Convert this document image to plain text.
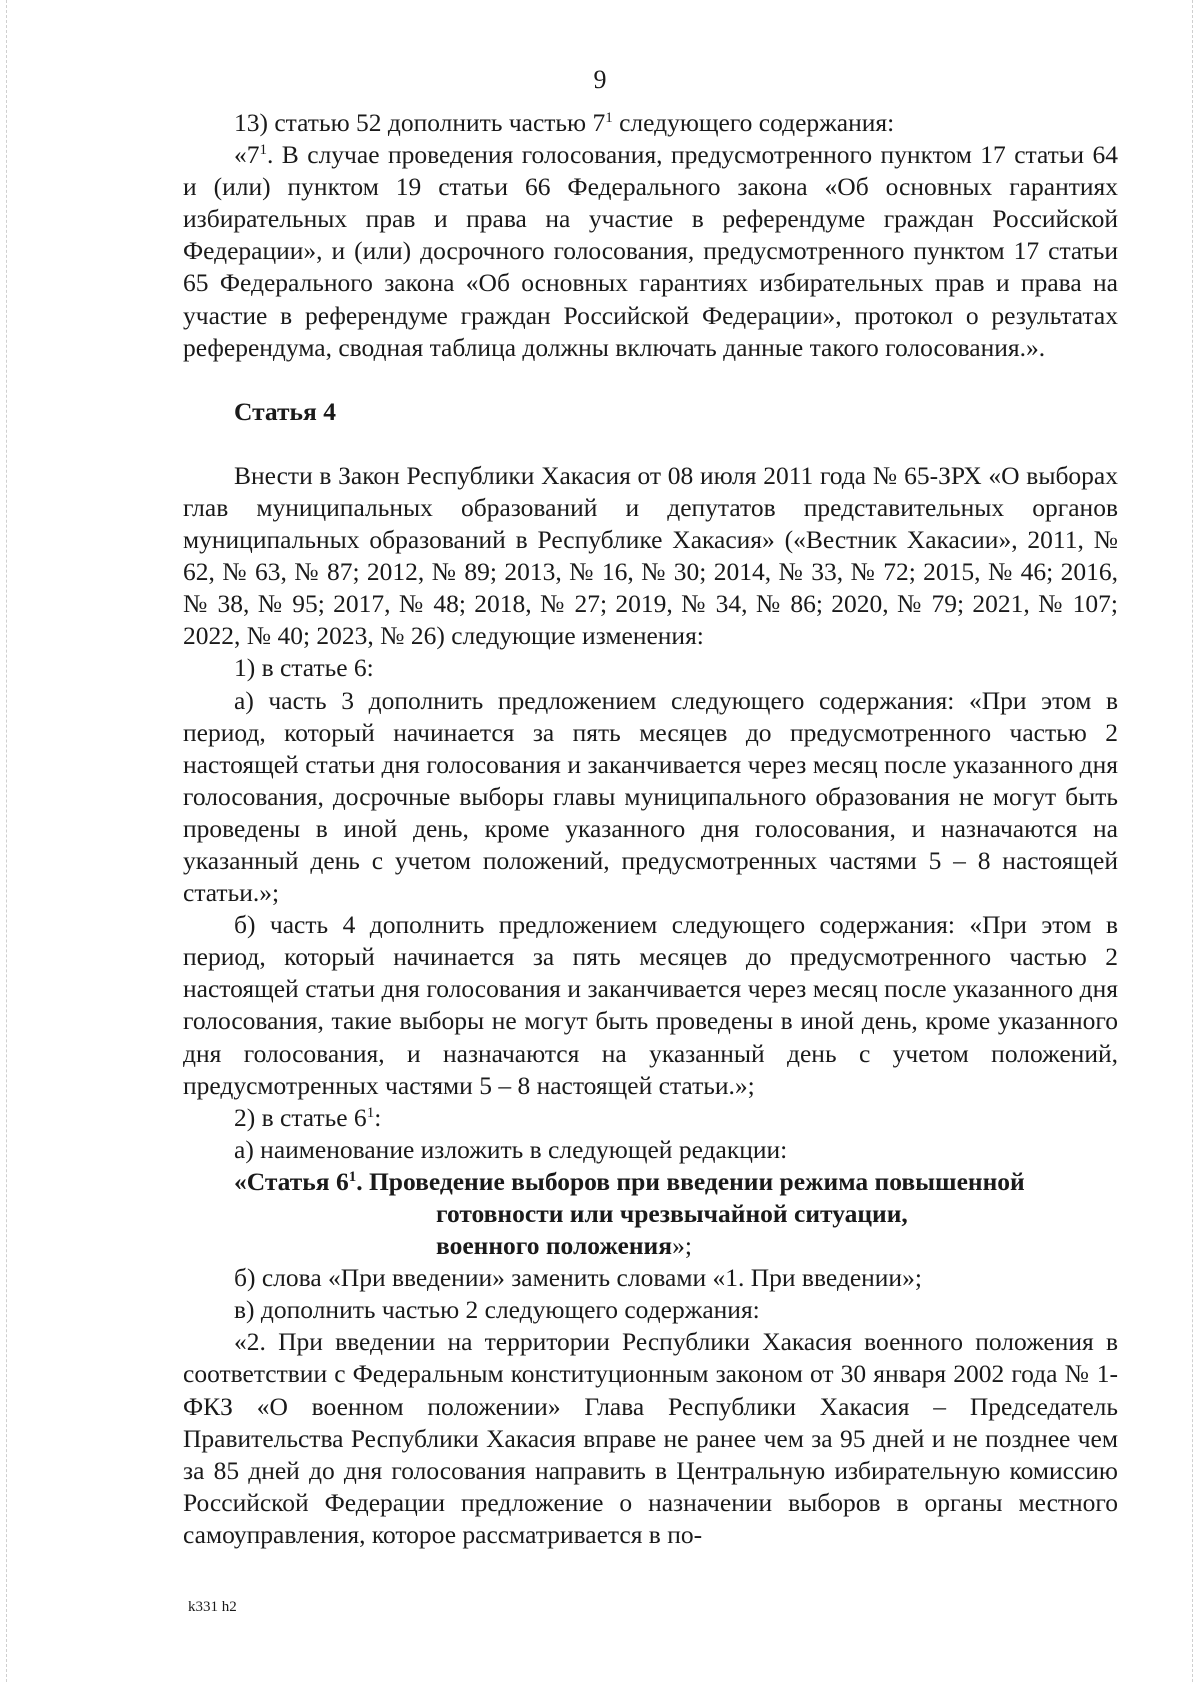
9

13) статью 52 дополнить частью $7^1$ следующего содержания:

«$7^1$. В случае проведения голосования, предусмотренного пунктом 17 статьи 64 и (или) пунктом 19 статьи 66 Федерального закона «Об основных гарантиях избирательных прав и права на участие в референдуме граждан Российской Федерации», и (или) досрочного голосования, предусмотренного пунктом 17 статьи 65 Федерального закона «Об основных гарантиях избирательных прав и права на участие в референдуме граждан Российской Федерации», протокол о результатах референдума, сводная таблица должны включать данные такого голосования.».

Статья 4

Внести в Закон Республики Хакасия от 08 июля 2011 года № 65-ЗРХ «О выборах глав муниципальных образований и депутатов представительных органов муниципальных образований в Республике Хакасия» («Вестник Хакасии», 2011, № 62, № 63, № 87; 2012, № 89; 2013, № 16, № 30; 2014, № 33, № 72; 2015, № 46; 2016, № 38, № 95; 2017, № 48; 2018, № 27; 2019, № 34, № 86; 2020, № 79; 2021, № 107; 2022, № 40; 2023, № 26) следующие изменения:

1) в статье 6:

а) часть 3 дополнить предложением следующего содержания: «При этом в период, который начинается за пять месяцев до предусмотренного частью 2 настоящей статьи дня голосования и заканчивается через месяц после указанного дня голосования, досрочные выборы главы муниципального образования не могут быть проведены в иной день, кроме указанного дня голосования, и назначаются на указанный день с учетом положений, предусмотренных частями 5 – 8 настоящей статьи.»;

б) часть 4 дополнить предложением следующего содержания: «При этом в период, который начинается за пять месяцев до предусмотренного частью 2 настоящей статьи дня голосования и заканчивается через месяц после указанного дня голосования, такие выборы не могут быть проведены в иной день, кроме указанного дня голосования, и назначаются на указанный день с учетом положений, предусмотренных частями 5 – 8 настоящей статьи.»;

2) в статье $6^1$:

а) наименование изложить в следующей редакции:

«Статья $6^1$. Проведение выборов при введении режима повышенной
готовности или чрезвычайной ситуации,
военного положения»;

б) слова «При введении» заменить словами «1. При введении»;

в) дополнить частью 2 следующего содержания:

«2. При введении на территории Республики Хакасия военного положения в соответствии с Федеральным конституционным законом от 30 января 2002 года № 1-ФКЗ «О военном положении» Глава Республики Хакасия – Председатель Правительства Республики Хакасия вправе не ранее чем за 95 дней и не позднее чем за 85 дней до дня голосования направить в Центральную избирательную комиссию Российской Федерации предложение о назначении выборов в органы местного самоуправления, которое рассматривается в по-

k331 h2
